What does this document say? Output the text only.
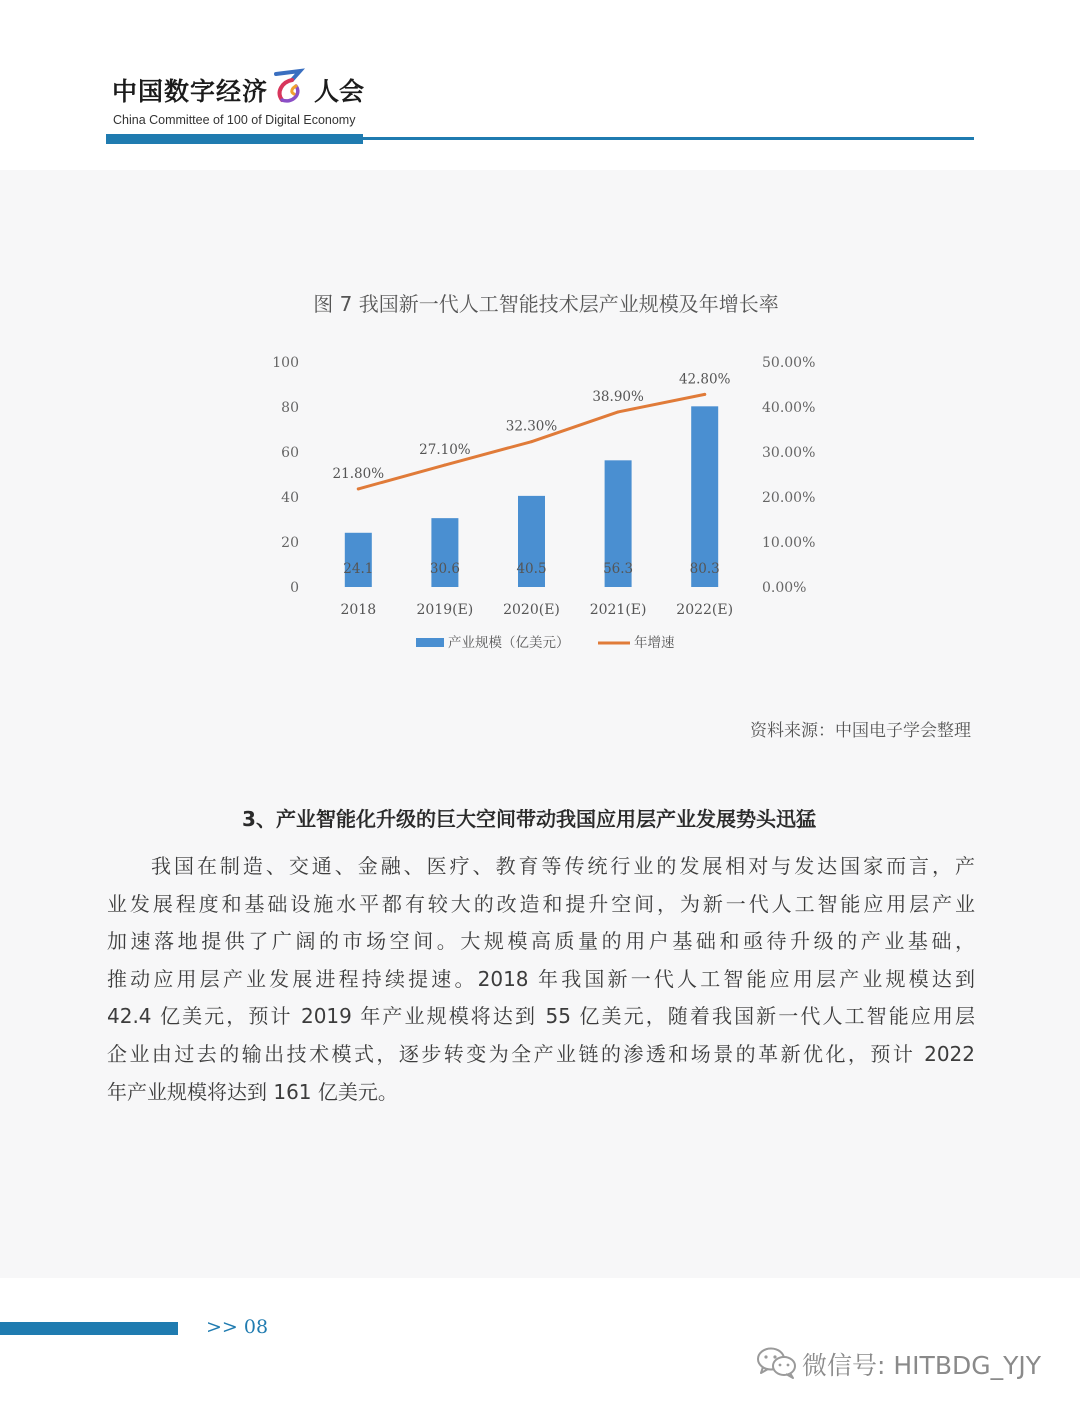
中国数字经济 人会
China Committee of 100 of Digital Economy
图 7 我国新一代人工智能技术层产业规模及年增长率
0
20
40
60
80
100
0.00%
10.00%
20.00%
30.00%
40.00%
50.00%
24.1	30.6	40.5	56.3	80.3
2018	2019(E) 2020(E) 2021(E) 2022(E)
21.80%
27.10%
32.30%
38.90%
42.80%
产业规模（亿美元）	年增速
资料来源：中国电子学会整理
3、产业智能化升级的巨大空间带动我国应用层产业发展势头迅猛
我国在制造、交通、金融、医疗、教育等传统行业的发展相对与发达国家而言，产
业发展程度和基础设施水平都有较大的改造和提升空间，为新一代人工智能应用层产业
加速落地提供了广阔的市场空间。大规模高质量的用户基础和亟待升级的产业基础，
推动应用层产业发展进程持续提速。2018 年我国新一代人工智能应用层产业规模达到
42.4 亿美元，预计 2019 年产业规模将达到 55 亿美元，随着我国新一代人工智能应用层
企业由过去的输出技术模式，逐步转变为全产业链的渗透和场景的革新优化，预计 2022
年产业规模将达到 161 亿美元。
>> 08
微信号: HITBDG_YJY
